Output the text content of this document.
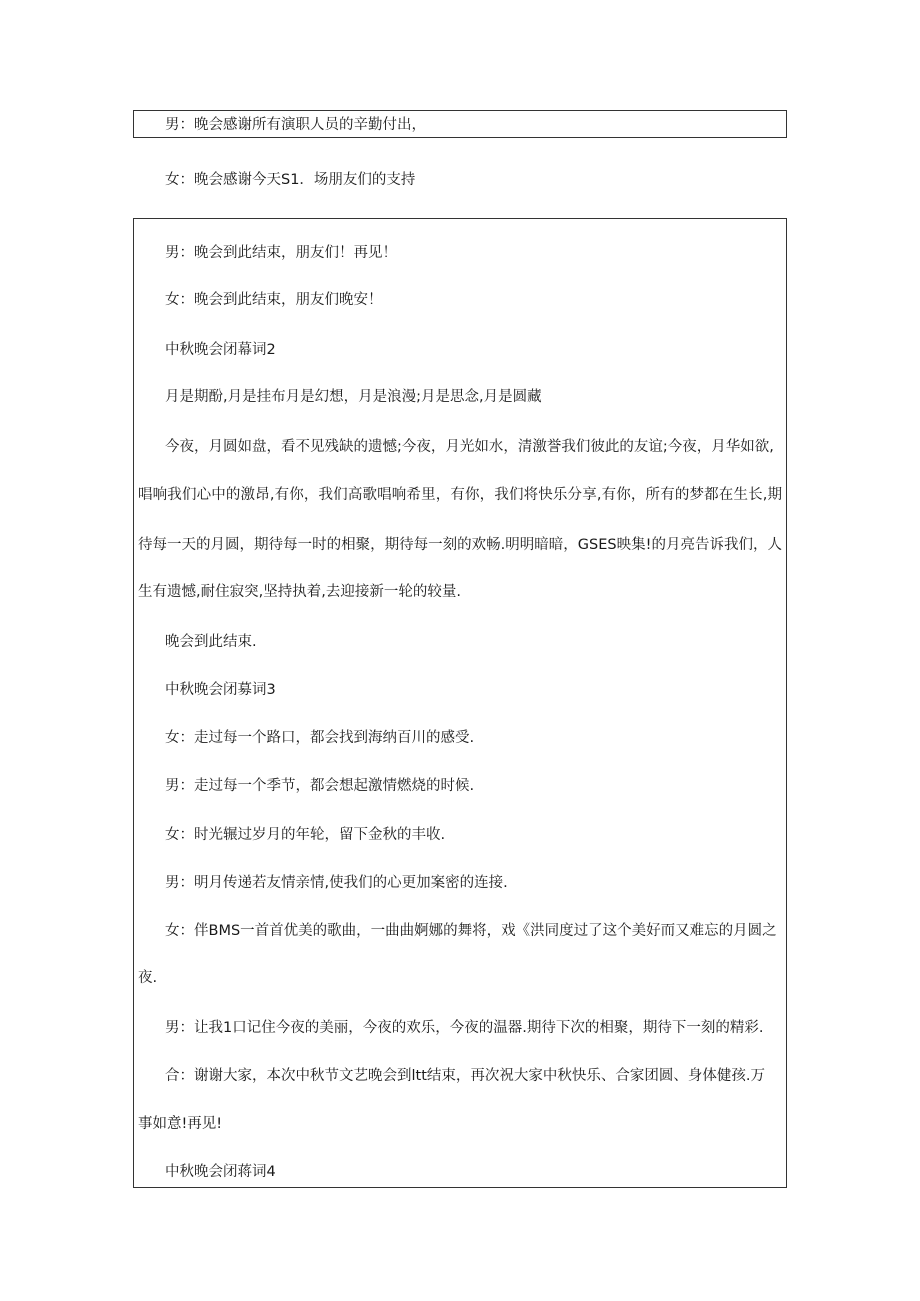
男：晚会感谢所有演职人员的辛勤付出，

女：晚会感谢今天S1．场朋友们的支持

男：晚会到此结束，朋友们！再见！

女：晚会到此结束，朋友们晚安！

中秋晚会闭幕词2

月是期酚,月是挂布月是幻想，月是浪漫;月是思念,月是圆藏

今夜，月圆如盘，看不见残缺的遗憾;今夜，月光如水，清激誉我们彼此的友谊;今夜，月华如欲,

唱响我们心中的激昂,有你，我们高歌唱响希里，有你，我们将快乐分享,有你，所有的梦都在生长,期

待每一天的月圆，期待每一时的相聚，期待每一刻的欢畅.明明暗暗，GSES映集!的月亮告诉我们，人

生有遗憾,耐住寂突,坚持执着,去迎接新一轮的较量.

晚会到此结束.

中秋晚会闭募词3

女：走过每一个路口，都会找到海纳百川的感受.

男：走过每一个季节，都会想起激情燃烧的时候.

女：时光辗过岁月的年轮，留下金秋的丰收.

男：明月传递若友情亲情,使我们的心更加案密的连接.

女：伴BMS一首首优美的歌曲，一曲曲婀娜的舞将，戏《洪同度过了这个美好而又难忘的月圆之

夜.

男：让我1口记住今夜的美丽，今夜的欢乐，今夜的温器.期待下次的相聚，期待下一刻的精彩.

合：谢谢大家，本次中秋节文艺晚会到ltt结束，再次祝大家中秋快乐、合家团圆、身体健孩.万

事如意!再见!

中秋晚会闭蒋词4
